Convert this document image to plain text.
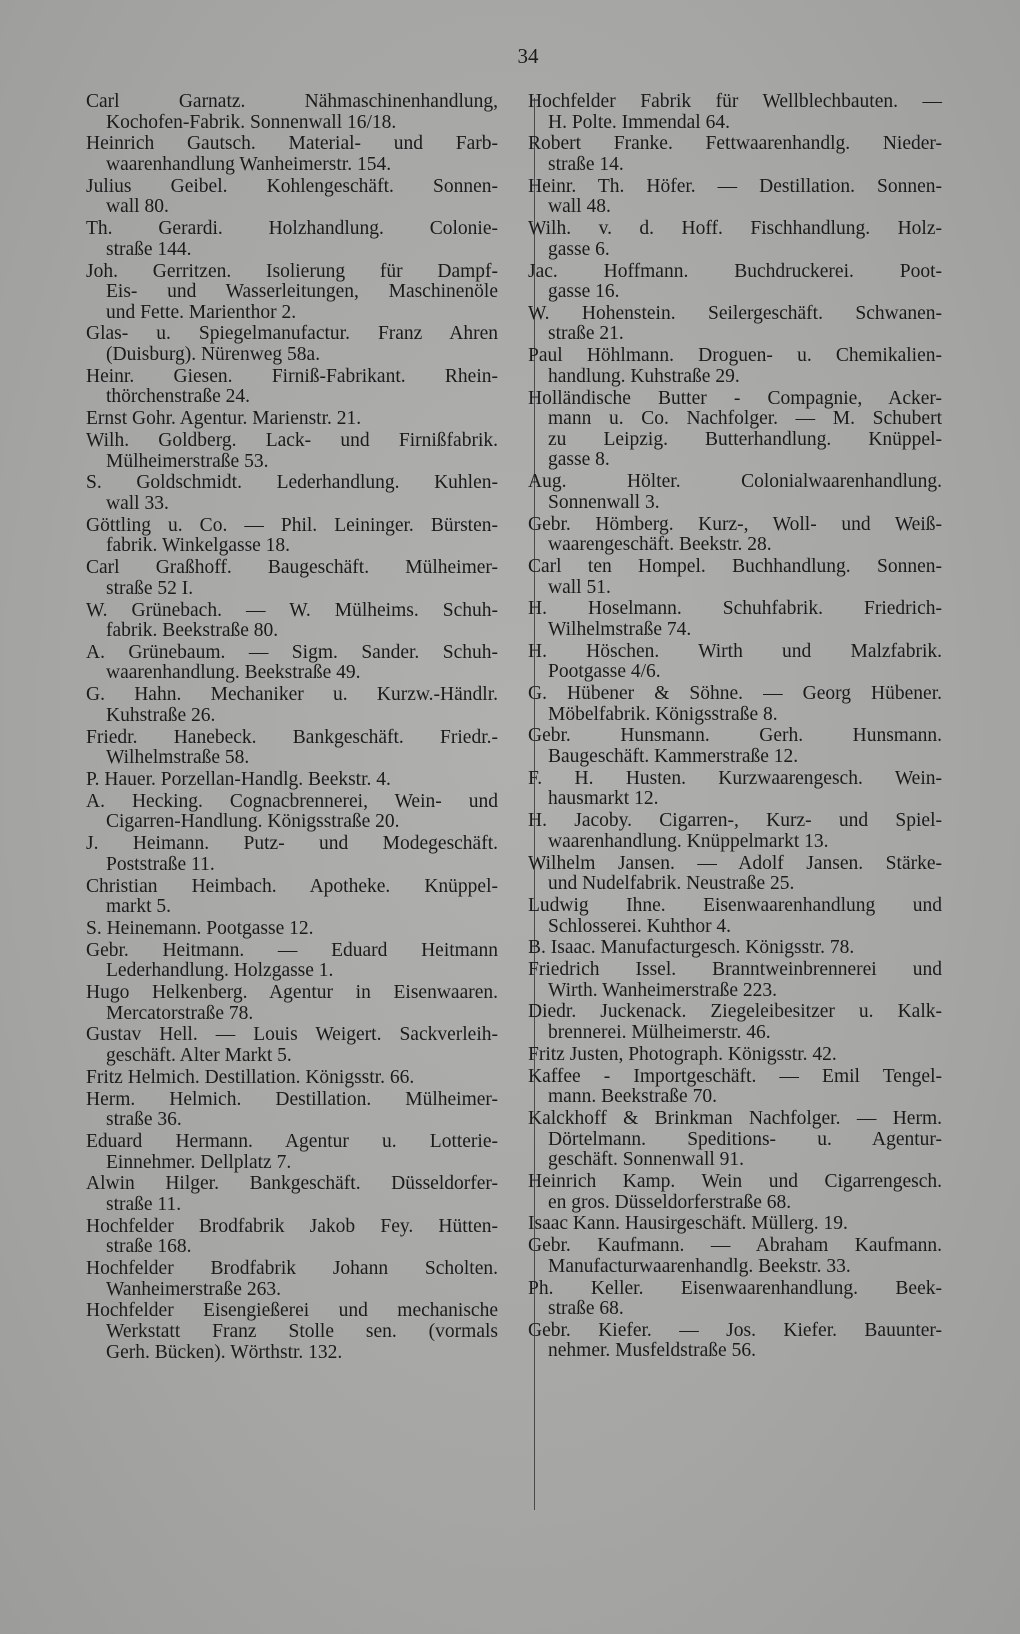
34
Carl Garnatz. Nähmaschinenhandlung,
Kochofen-Fabrik. Sonnenwall 16/18.
Heinrich Gautsch. Material- und Farb-
waarenhandlung Wanheimerstr. 154.
Julius Geibel. Kohlengeschäft. Sonnen-
wall 80.
Th. Gerardi. Holzhandlung. Colonie-
straße 144.
Joh. Gerritzen. Isolierung für Dampf-
Eis- und Wasserleitungen, Maschinenöle
und Fette. Marienthor 2.
Glas- u. Spiegelmanufactur. Franz Ahren
(Duisburg). Nürenweg 58a.
Heinr. Giesen. Firniß-Fabrikant. Rhein-
thörchenstraße 24.
Ernst Gohr. Agentur. Marienstr. 21.
Wilh. Goldberg. Lack- und Firnißfabrik.
Mülheimerstraße 53.
S. Goldschmidt. Lederhandlung. Kuhlen-
wall 33.
Göttling u. Co. — Phil. Leininger. Bürsten-
fabrik. Winkelgasse 18.
Carl Graßhoff. Baugeschäft. Mülheimer-
straße 52 I.
W. Grünebach. — W. Mülheims. Schuh-
fabrik. Beekstraße 80.
A. Grünebaum. — Sigm. Sander. Schuh-
waarenhandlung. Beekstraße 49.
G. Hahn. Mechaniker u. Kurzw.-Händlr.
Kuhstraße 26.
Friedr. Hanebeck. Bankgeschäft. Friedr.-
Wilhelmstraße 58.
P. Hauer. Porzellan-Handlg. Beekstr. 4.
A. Hecking. Cognacbrennerei, Wein- und
Cigarren-Handlung. Königsstraße 20.
J. Heimann. Putz- und Modegeschäft.
Poststraße 11.
Christian Heimbach. Apotheke. Knüppel-
markt 5.
S. Heinemann. Pootgasse 12.
Gebr. Heitmann. — Eduard Heitmann
Lederhandlung. Holzgasse 1.
Hugo Helkenberg. Agentur in Eisenwaaren.
Mercatorstraße 78.
Gustav Hell. — Louis Weigert. Sackverleih-
geschäft. Alter Markt 5.
Fritz Helmich. Destillation. Königsstr. 66.
Herm. Helmich. Destillation. Mülheimer-
straße 36.
Eduard Hermann. Agentur u. Lotterie-
Einnehmer. Dellplatz 7.
Alwin Hilger. Bankgeschäft. Düsseldorfer-
straße 11.
Hochfelder Brodfabrik Jakob Fey. Hütten-
straße 168.
Hochfelder Brodfabrik Johann Scholten.
Wanheimerstraße 263.
Hochfelder Eisengießerei und mechanische
Werkstatt Franz Stolle sen. (vormals
Gerh. Bücken). Wörthstr. 132.
Hochfelder Fabrik für Wellblechbauten. —
H. Polte. Immendal 64.
Robert Franke. Fettwaarenhandlg. Nieder-
straße 14.
Heinr. Th. Höfer. — Destillation. Sonnen-
wall 48.
Wilh. v. d. Hoff. Fischhandlung. Holz-
gasse 6.
Jac. Hoffmann. Buchdruckerei. Poot-
gasse 16.
W. Hohenstein. Seilergeschäft. Schwanen-
straße 21.
Paul Höhlmann. Droguen- u. Chemikalien-
handlung. Kuhstraße 29.
Holländische Butter - Compagnie, Acker-
mann u. Co. Nachfolger. — M. Schubert
zu Leipzig. Butterhandlung. Knüppel-
gasse 8.
Aug. Hölter. Colonialwaarenhandlung.
Sonnenwall 3.
Gebr. Hömberg. Kurz-, Woll- und Weiß-
waarengeschäft. Beekstr. 28.
Carl ten Hompel. Buchhandlung. Sonnen-
wall 51.
H. Hoselmann. Schuhfabrik. Friedrich-
Wilhelmstraße 74.
H. Höschen. Wirth und Malzfabrik.
Pootgasse 4/6.
G. Hübener & Söhne. — Georg Hübener.
Möbelfabrik. Königsstraße 8.
Gebr. Hunsmann. Gerh. Hunsmann.
Baugeschäft. Kammerstraße 12.
F. H. Husten. Kurzwaarengesch. Wein-
hausmarkt 12.
H. Jacoby. Cigarren-, Kurz- und Spiel-
waarenhandlung. Knüppelmarkt 13.
Wilhelm Jansen. — Adolf Jansen. Stärke-
und Nudelfabrik. Neustraße 25.
Ludwig Ihne. Eisenwaarenhandlung und
Schlosserei. Kuhthor 4.
B. Isaac. Manufacturgesch. Königsstr. 78.
Friedrich Issel. Branntweinbrennerei und
Wirth. Wanheimerstraße 223.
Diedr. Juckenack. Ziegeleibesitzer u. Kalk-
brennerei. Mülheimerstr. 46.
Fritz Justen, Photograph. Königsstr. 42.
Kaffee - Importgeschäft. — Emil Tengel-
mann. Beekstraße 70.
Kalckhoff & Brinkman Nachfolger. — Herm.
Dörtelmann. Speditions- u. Agentur-
geschäft. Sonnenwall 91.
Heinrich Kamp. Wein und Cigarrengesch.
en gros. Düsseldorferstraße 68.
Isaac Kann. Hausirgeschäft. Müllerg. 19.
Gebr. Kaufmann. — Abraham Kaufmann.
Manufacturwaarenhandlg. Beekstr. 33.
Ph. Keller. Eisenwaarenhandlung. Beek-
straße 68.
Gebr. Kiefer. — Jos. Kiefer. Bauunter-
nehmer. Musfeldstraße 56.
